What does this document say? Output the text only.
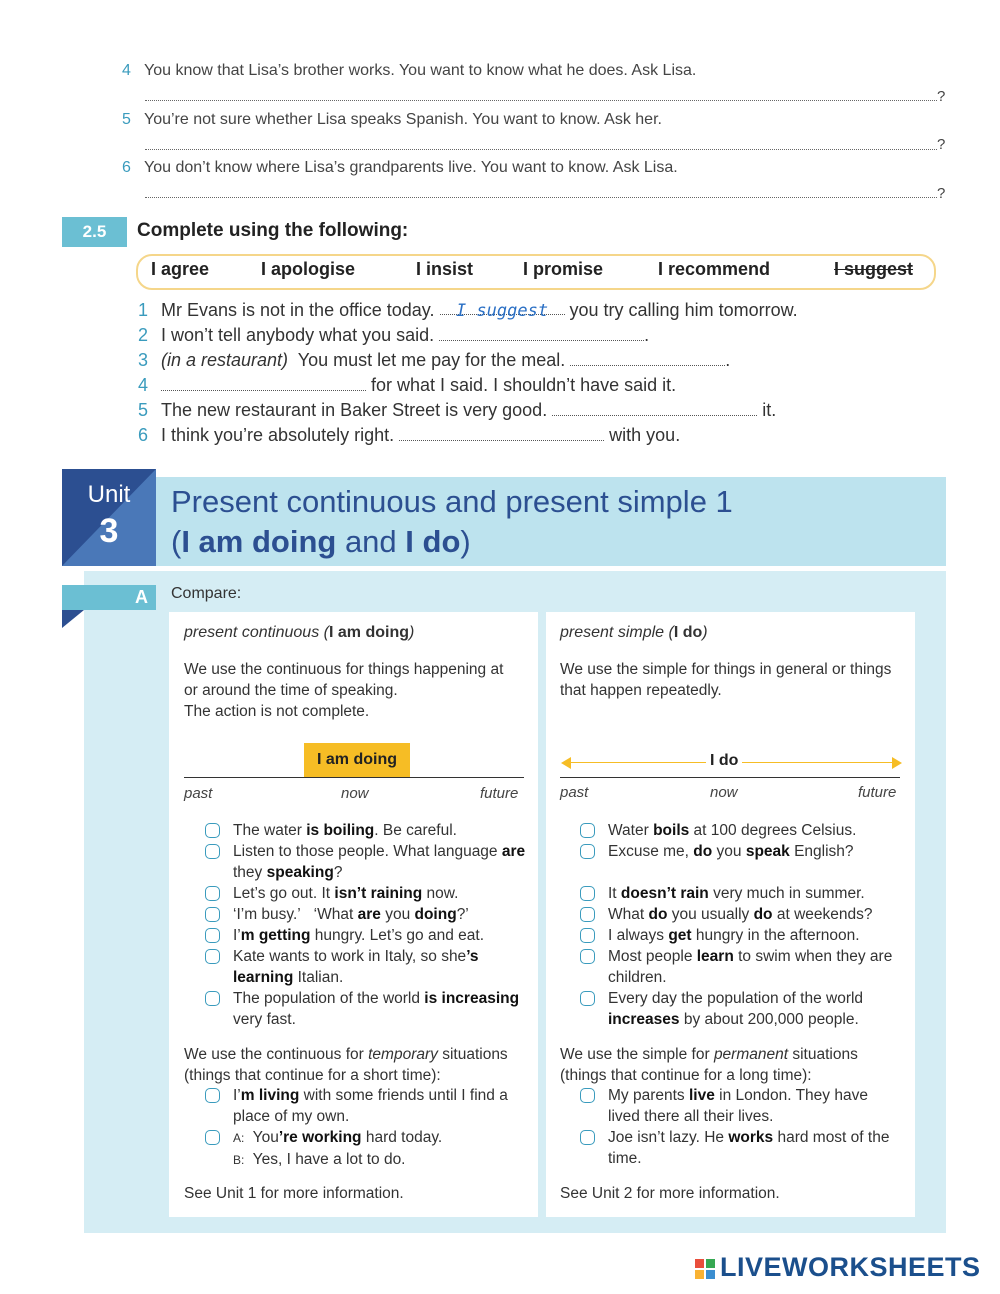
4 You know that Lisa’s brother works. You want to know what he does. Ask Lisa.
?
5 You’re not sure whether Lisa speaks Spanish. You want to know. Ask her.
?
6 You don’t know where Lisa’s grandparents live. You want to know. Ask Lisa.
?
2.5	Complete using the following:
I agree	I apologise	I insist	I promise	I recommend	I suggest
1 Mr Evans is not in the office today. I suggest you try calling him tomorrow.
2 I won’t tell anybody what you said.	.
3 (in a restaurant) You must let me pay for the meal.	.
4	for what I said. I shouldn’t have said it.
5 The new restaurant in Baker Street is very good.	it.
6 I think you’re absolutely right.	with you.
Unit
3
Present continuous and present simple 1
(I am doing and I do)
A Compare:
present continuous (I am doing)
We use the continuous for things happening at
or around the time of speaking.
The action is not complete.
I am doing
past	now	future
The water is boiling. Be careful.
Listen to those people. What language are they speaking?
Let’s go out. It isn’t raining now.
‘I’m busy.’   ‘What are you doing?’
I’m getting hungry. Let’s go and eat.
Kate wants to work in Italy, so she’s learning Italian.
The population of the world is increasing very fast.
We use the continuous for temporary situations
(things that continue for a short time):
I’m living with some friends until I find a place of my own.
A:  You’re working hard today.
B:  Yes, I have a lot to do.
See Unit 1 for more information.
present simple (I do)
We use the simple for things in general or things
that happen repeatedly.
I do
past	now	future
Water boils at 100 degrees Celsius.
Excuse me, do you speak English?
It doesn’t rain very much in summer.
What do you usually do at weekends?
I always get hungry in the afternoon.
Most people learn to swim when they are children.
Every day the population of the world increases by about 200,000 people.
We use the simple for permanent situations
(things that continue for a long time):
My parents live in London. They have lived there all their lives.
Joe isn’t lazy. He works hard most of the time.
See Unit 2 for more information.
LIVEWORKSHEETS
